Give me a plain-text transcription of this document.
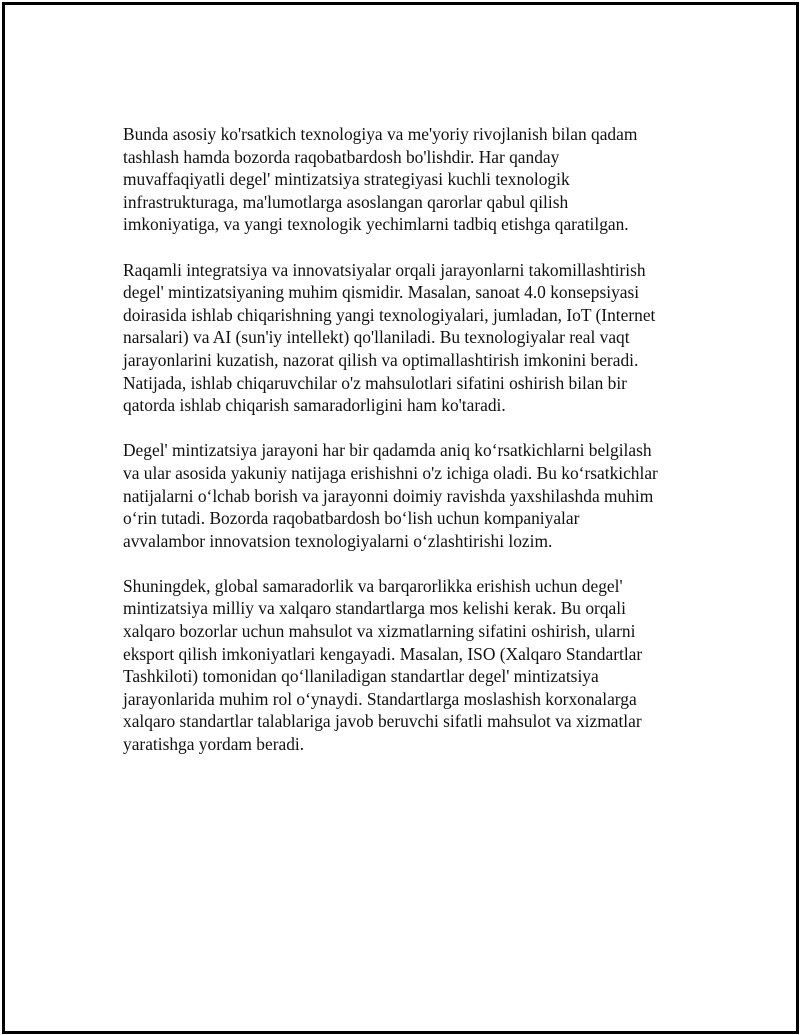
Bunda asosiy ko'rsatkich texnologiya va me'yoriy rivojlanish bilan qadam
tashlash hamda bozorda raqobatbardosh bo'lishdir. Har qanday
muvaffaqiyatli degel' mintizatsiya strategiyasi kuchli texnologik
infrastrukturaga, ma'lumotlarga asoslangan qarorlar qabul qilish
imkoniyatiga, va yangi texnologik yechimlarni tadbiq etishga qaratilgan.

Raqamli integratsiya va innovatsiyalar orqali jarayonlarni takomillashtirish
degel' mintizatsiyaning muhim qismidir. Masalan, sanoat 4.0 konsepsiyasi
doirasida ishlab chiqarishning yangi texnologiyalari, jumladan, IoT (Internet
narsalari) va AI (sun'iy intellekt) qo'llaniladi. Bu texnologiyalar real vaqt
jarayonlarini kuzatish, nazorat qilish va optimallashtirish imkonini beradi.
Natijada, ishlab chiqaruvchilar o'z mahsulotlari sifatini oshirish bilan bir
qatorda ishlab chiqarish samaradorligini ham ko'taradi.

Degel' mintizatsiya jarayoni har bir qadamda aniq koʻrsatkichlarni belgilash
va ular asosida yakuniy natijaga erishishni o'z ichiga oladi. Bu koʻrsatkichlar
natijalarni oʻlchab borish va jarayonni doimiy ravishda yaxshilashda muhim
oʻrin tutadi. Bozorda raqobatbardosh boʻlish uchun kompaniyalar
avvalambor innovatsion texnologiyalarni oʻzlashtirishi lozim.

Shuningdek, global samaradorlik va barqarorlikka erishish uchun degel'
mintizatsiya milliy va xalqaro standartlarga mos kelishi kerak. Bu orqali
xalqaro bozorlar uchun mahsulot va xizmatlarning sifatini oshirish, ularni
eksport qilish imkoniyatlari kengayadi. Masalan, ISO (Xalqaro Standartlar
Tashkiloti) tomonidan qoʻllaniladigan standartlar degel' mintizatsiya
jarayonlarida muhim rol oʻynaydi. Standartlarga moslashish korxonalarga
xalqaro standartlar talablariga javob beruvchi sifatli mahsulot va xizmatlar
yaratishga yordam beradi.
